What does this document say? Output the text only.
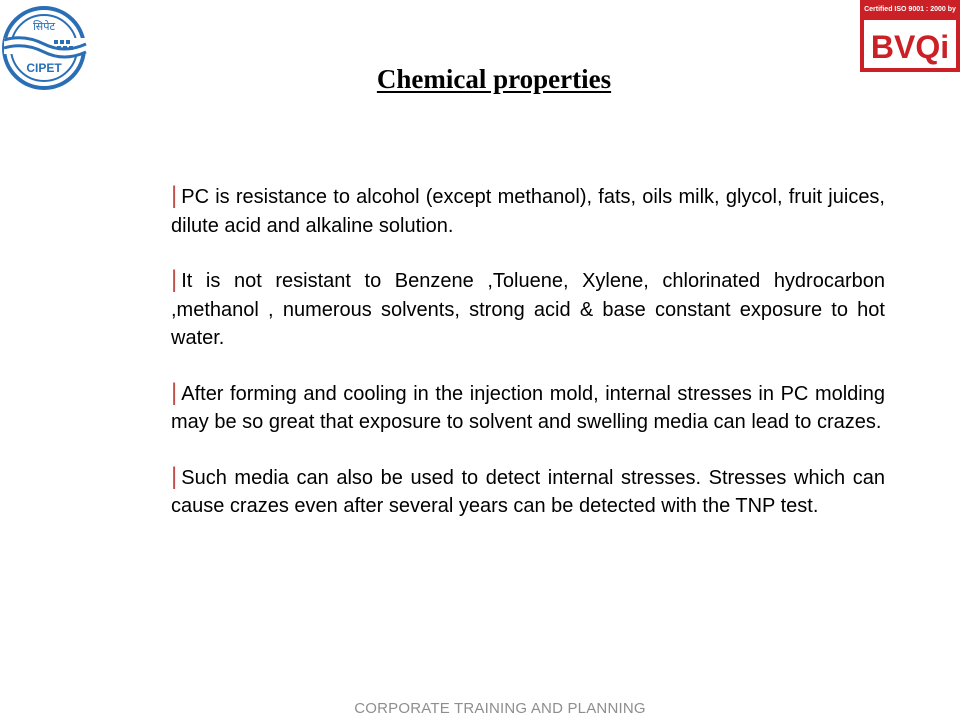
सिपेट
CIPET
Certified ISO 9001 : 2000 by
BVQi
Chemical properties

| PC is resistance to alcohol (except methanol), fats, oils milk, glycol, fruit juices, dilute acid and alkaline solution.

| It is not resistant to Benzene ,Toluene, Xylene, chlorinated hydrocarbon ,methanol , numerous solvents, strong acid & base constant exposure to hot water.

| After forming and cooling in the injection mold, internal stresses in PC molding may be so great that exposure to solvent and swelling media can lead to crazes.

| Such media can also be used to detect internal stresses. Stresses which can cause crazes even after several years can be detected with the TNP test.

CORPORATE TRAINING AND PLANNING
